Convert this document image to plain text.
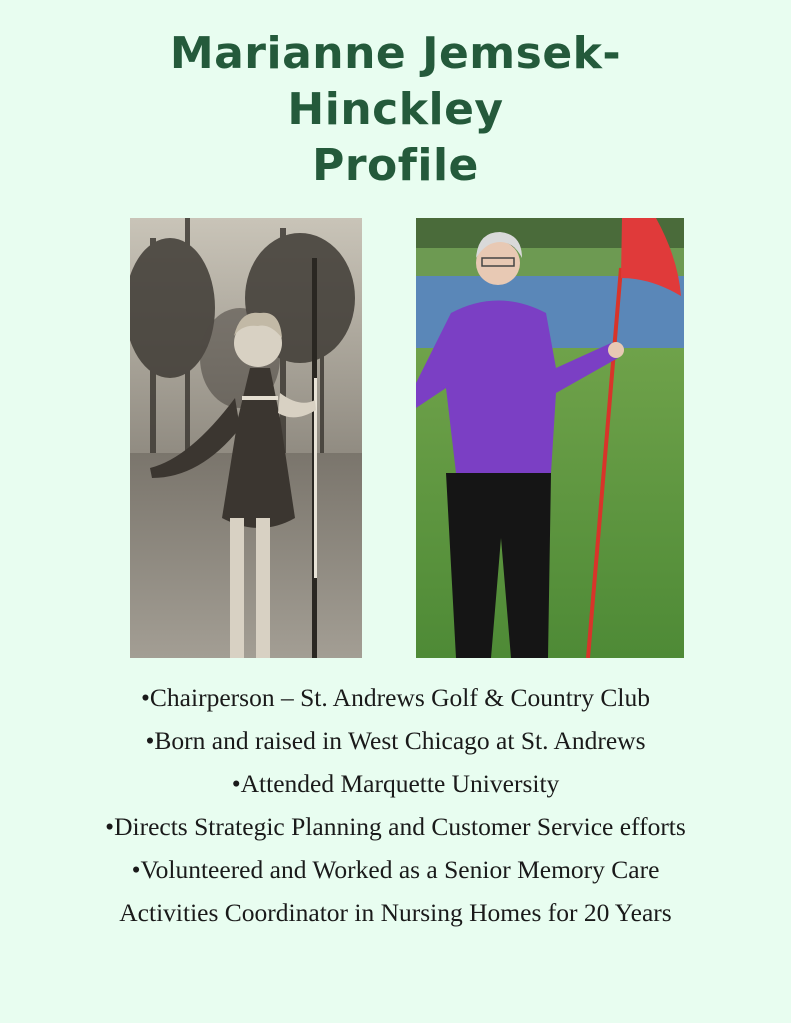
Marianne Jemsek-
Hinckley
Profile
•Chairperson – St. Andrews Golf & Country Club
•Born and raised in West Chicago at St. Andrews
•Attended Marquette University
•Directs Strategic Planning and Customer Service efforts
•Volunteered and Worked as a Senior Memory Care
Activities Coordinator in Nursing Homes for 20 Years
